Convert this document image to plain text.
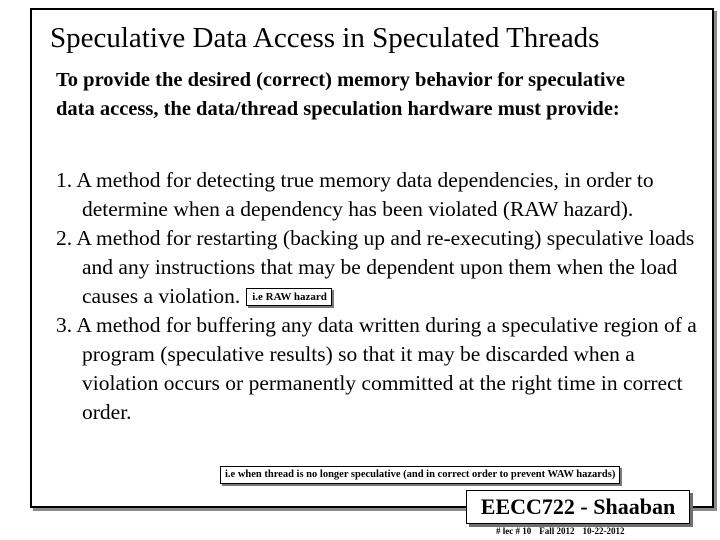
Speculative Data Access in Speculated Threads
To provide the desired (correct) memory behavior for speculative data access, the data/thread speculation hardware must provide:
1. A method for detecting true memory data dependencies, in order to determine when a dependency has been violated (RAW hazard).
2. A method for restarting (backing up and re-executing) speculative loads and any instructions that may be dependent upon them when the load causes a violation. i.e RAW hazard
3. A method for buffering any data written during a speculative region of a program (speculative results) so that it may be discarded when a violation occurs or permanently committed at the right time in correct order.
i.e when thread is no longer speculative (and in correct order to prevent WAW hazards)
EECC722 - Shaaban
# lec # 10 Fall 2012 10-22-2012
